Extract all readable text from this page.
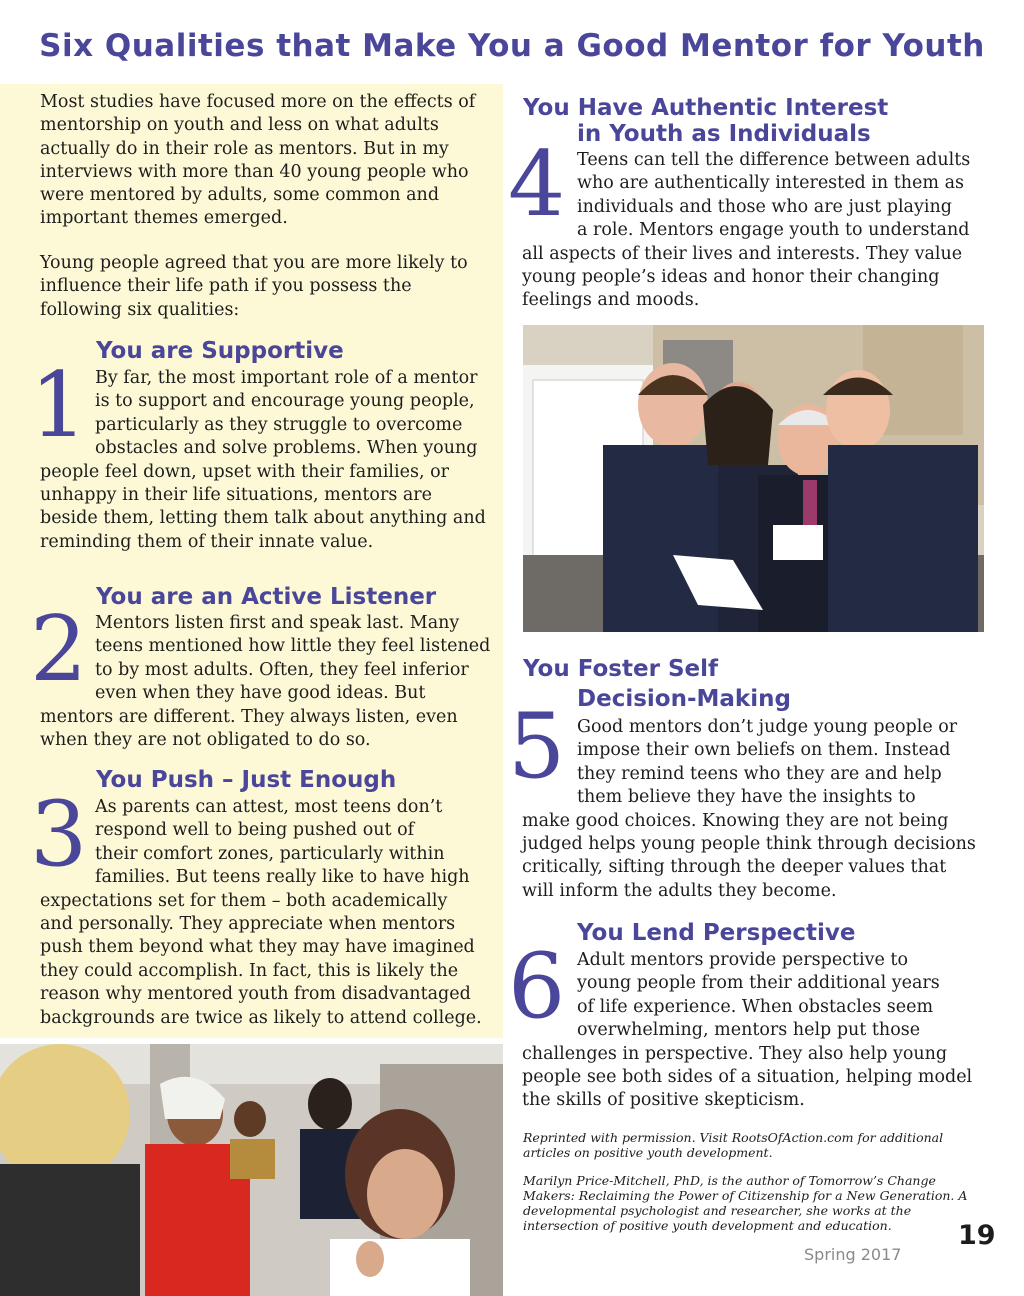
Six Qualities that Make You a Good Mentor for Youth

Most studies have focused more on the effects of mentorship on youth and less on what adults actually do in their role as mentors. But in my interviews with more than 40 young people who were mentored by adults, some common and important themes emerged.

Young people agreed that you are more likely to influence their life path if you possess the following six qualities:

You are Supportive
1 By far, the most important role of a mentor
is to support and encourage young people,
particularly as they struggle to overcome
obstacles and solve problems. When young
people feel down, upset with their families, or
unhappy in their life situations, mentors are
beside them, letting them talk about anything and
reminding them of their innate value.
You are an Active Listener
2 Mentors listen first and speak last. Many
teens mentioned how little they feel listened
to by most adults. Often, they feel inferior
even when they have good ideas. But
mentors are different. They always listen, even
when they are not obligated to do so.
You Push – Just Enough
3 As parents can attest, most teens don’t
respond well to being pushed out of
their comfort zones, particularly within
families. But teens really like to have high
expectations set for them – both academically
and personally. They appreciate when mentors
push them beyond what they may have imagined
they could accomplish. In fact, this is likely the
reason why mentored youth from disadvantaged
backgrounds are twice as likely to attend college.
You Have Authentic Interest
in Youth as Individuals
4 Teens can tell the difference between adults
who are authentically interested in them as
individuals and those who are just playing
a role. Mentors engage youth to understand
all aspects of their lives and interests. They value
young people’s ideas and honor their changing
feelings and moods.
You Foster Self
Decision-Making
5 Good mentors don’t judge young people or
impose their own beliefs on them. Instead
they remind teens who they are and help
them believe they have the insights to
make good choices. Knowing they are not being
judged helps young people think through decisions
critically, sifting through the deeper values that
will inform the adults they become.
You Lend Perspective
6 Adult mentors provide perspective to
young people from their additional years
of life experience. When obstacles seem
overwhelming, mentors help put those
challenges in perspective. They also help young
people see both sides of a situation, helping model
the skills of positive skepticism.

Reprinted with permission. Visit RootsOfAction.com for additional articles on positive youth development.

Marilyn Price-Mitchell, PhD, is the author of Tomorrow’s Change Makers: Reclaiming the Power of Citizenship for a New Generation. A developmental psychologist and researcher, she works at the intersection of positive youth development and education.

Spring 2017
19
